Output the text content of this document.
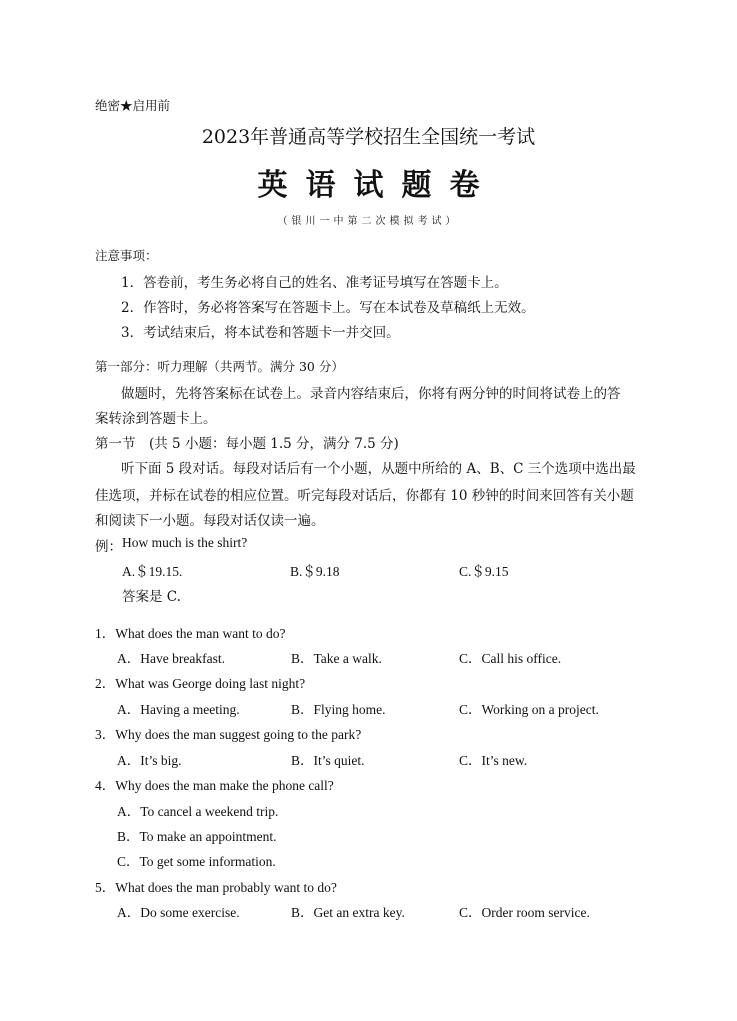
绝密★启用前
2023年普通高等学校招生全国统一考试
英语试题卷
（银川一中第二次模拟考试）
注意事项：
1．答卷前，考生务必将自己的姓名、准考证号填写在答题卡上。
2．作答时，务必将答案写在答题卡上。写在本试卷及草稿纸上无效。
3．考试结束后，将本试卷和答题卡一并交回。
第一部分：听力理解（共两节。满分 30 分）
做题时，先将答案标在试卷上。录音内容结束后，你将有两分钟的时间将试卷上的答
案转涂到答题卡上。
第一节　(共 5 小题：每小题 1.5 分，满分 7.5 分)
听下面 5 段对话。每段对话后有一个小题，从题中所给的 A、B、C 三个选项中选出最
佳选项，并标在试卷的相应位置。听完每段对话后，你都有 10 秒钟的时间来回答有关小题
和阅读下一小题。每段对话仅读一遍。
例： How much is the shirt?
A.＄19.15.	B.＄9.18	C.＄9.15
答案是 C.
1．What does the man want to do?
A．Have breakfast.	B．Take a walk.	C．Call his office.
2．What was George doing last night?
A．Having a meeting.	B．Flying home.	C．Working on a project.
3．Why does the man suggest going to the park?
A．It’s big.	B．It’s quiet.	C．It’s new.
4．Why does the man make the phone call?
A．To cancel a weekend trip.
B．To make an appointment.
C．To get some information.
5．What does the man probably want to do?
A．Do some exercise.	B．Get an extra key.	C．Order room service.
